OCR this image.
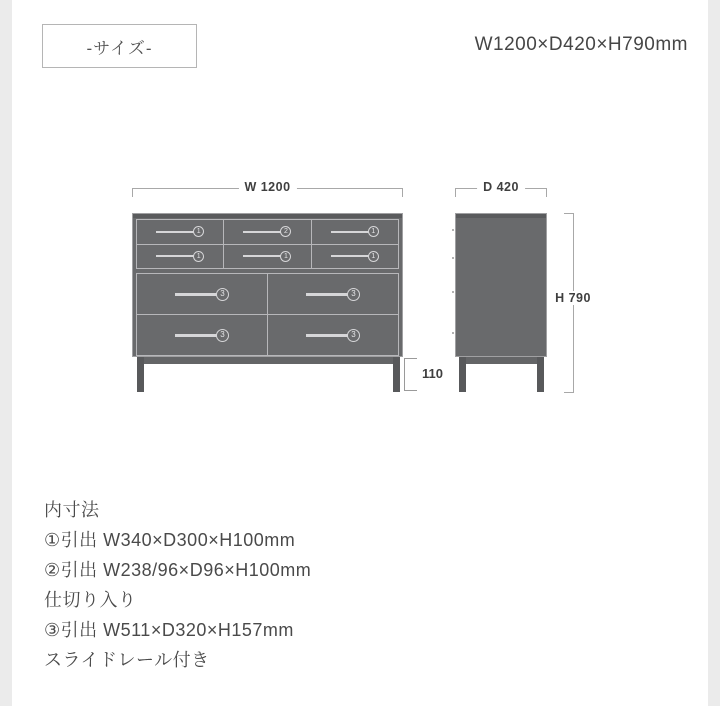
-サイズ-	W1200×D420×H790mm
W 1200	D 420
1	2	1
1	1	1
3	3
3	3
110
H 790
内寸法
①引出 W340×D300×H100mm
②引出 W238/96×D96×H100mm
仕切り入り
③引出 W511×D320×H157mm
スライドレール付き
